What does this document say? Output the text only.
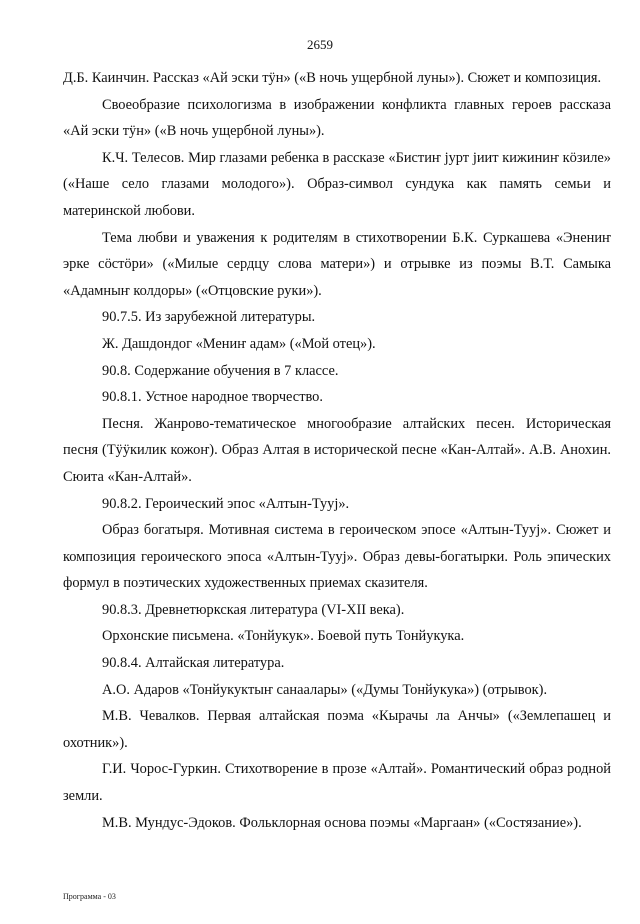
2659

Д.Б. Каинчин. Рассказ «Ай эски тӱн» («В ночь ущербной луны»). Сюжет и композиция.

Своеобразие психологизма в изображении конфликта главных героев рассказа «Ай эски тӱн» («В ночь ущербной луны»).

К.Ч. Телесов. Мир глазами ребенка в рассказе «Бистиҥ јурт јиит кижиниҥ кӧзиле» («Наше село глазами молодого»). Образ-символ сундука как память семьи и материнской любови.

Тема любви и уважения к родителям в стихотворении Б.К. Суркашева «Энениҥ эрке сӧстӧри» («Милые сердцу слова матери») и отрывке из поэмы В.Т. Самыка «Адамныҥ колдоры» («Отцовские руки»).

90.7.5. Из зарубежной литературы.

Ж. Дашдондог «Мениҥ адам» («Мой отец»).

90.8. Содержание обучения в 7 классе.

90.8.1. Устное народное творчество.

Песня. Жанрово-тематическое многообразие алтайских песен. Историческая песня (Тӱӱкилик кожоҥ). Образ Алтая в исторической песне «Кан-Алтай». А.В. Анохин. Сюита «Кан-Алтай».

90.8.2. Героический эпос «Алтын-Тууј».

Образ богатыря. Мотивная система в героическом эпосе «Алтын-Тууј». Сюжет и композиция героического эпоса «Алтын-Тууј». Образ девы-богатырки. Роль эпических формул в поэтических художественных приемах сказителя.

90.8.3. Древнетюркская литература (VI-XII века).

Орхонские письмена. «Тонйукук». Боевой путь Тонйукука.

90.8.4. Алтайская литература.

А.О. Адаров «Тонйукуктыҥ санаалары» («Думы Тонйукука») (отрывок).

М.В. Чевалков. Первая алтайская поэма «Кырачы ла Анчы» («Землепашец и охотник»).

Г.И. Чорос-Гуркин. Стихотворение в прозе «Алтай». Романтический образ родной земли.

М.В. Мундус-Эдоков. Фольклорная основа поэмы «Маргаан» («Состязание»).

Программа - 03
